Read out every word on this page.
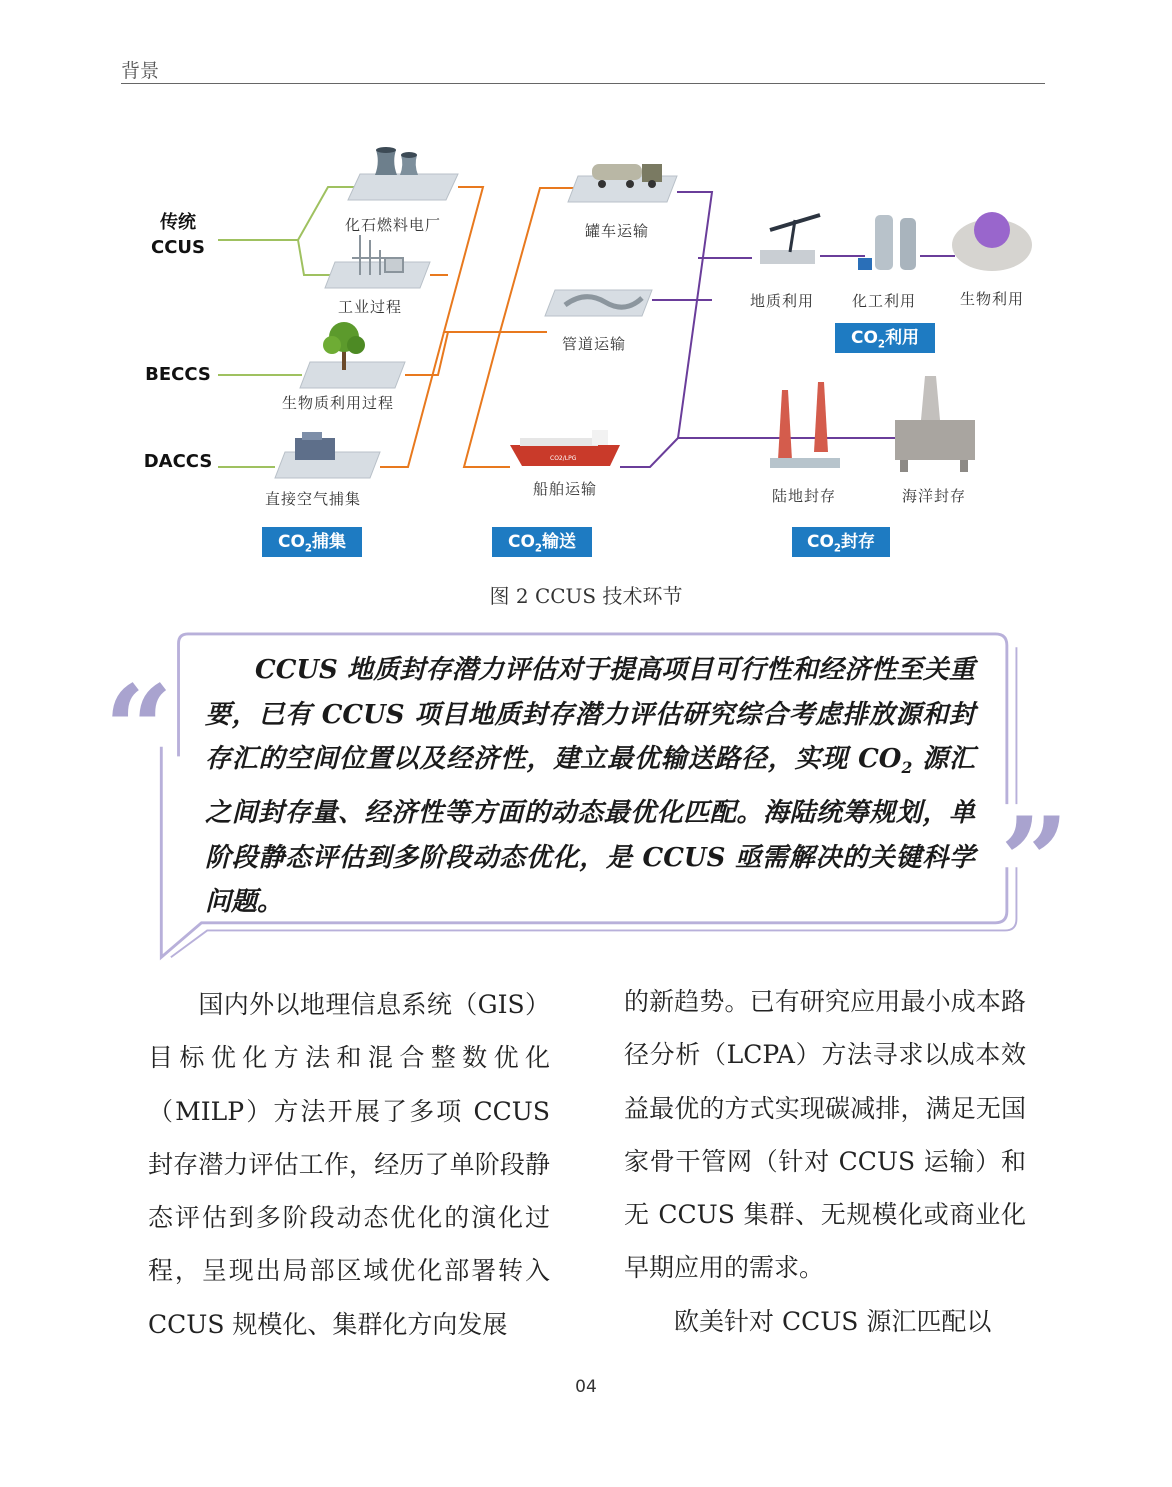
背景
CO2/LPG
传统
CCUS
BECCS
DACCS
化石燃料电厂
工业过程
生物质利用过程
直接空气捕集
罐车运输
管道运输
船舶运输
地质利用	化工利用	生物利用
陆地封存	海洋封存
$CO_2$利用
$CO_2$捕集	$CO_2$输送	$CO_2$封存
图 2 CCUS 技术环节
“
”
CCUS 地质封存潜力评估对于提高项目可行性和经济性至关重要，已有 CCUS 项目地质封存潜力评估研究综合考虑排放源和封存汇的空间位置以及经济性，建立最优输送路径，实现 $CO_2$ 源汇之间封存量、经济性等方面的动态最优化匹配。海陆统筹规划，单阶段静态评估到多阶段动态优化，是 CCUS 亟需解决的关键科学问题。
国内外以地理信息系统（GIS）目标优化方法和混合整数优化（MILP）方法开展了多项 CCUS 封存潜力评估工作，经历了单阶段静态评估到多阶段动态优化的演化过程，呈现出局部区域优化部署转入 CCUS 规模化、集群化方向发展
的新趋势。已有研究应用最小成本路径分析（LCPA）方法寻求以成本效益最优的方式实现碳减排，满足无国家骨干管网（针对 CCUS 运输）和无 CCUS 集群、无规模化或商业化早期应用的需求。
欧美针对 CCUS 源汇匹配以
04
